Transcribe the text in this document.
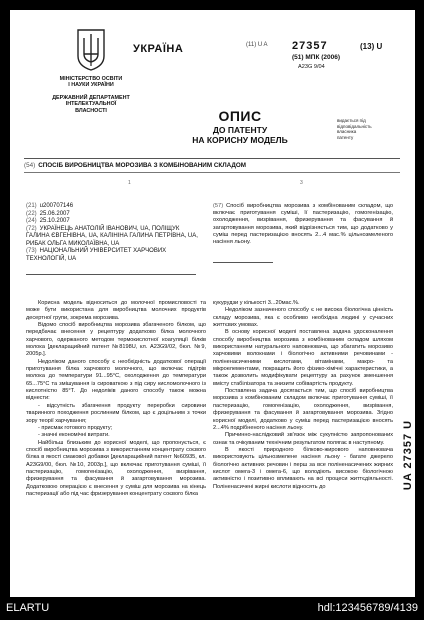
МІНІСТЕРСТВО ОСВІТИ
І НАУКИ УКРАЇНИ
ДЕРЖАВНИЙ ДЕПАРТАМЕНТ
ІНТЕЛЕКТУАЛЬНОЇ
ВЛАСНОСТІ
УКРАЇНА	(11) U A 27357	(13) U
(51) МПК (2006)
A23G 9/04
ОПИС
ДО ПАТЕНТУ
НА КОРИСНУ МОДЕЛЬ
видається під
відповідальність
власника
патенту
(54) СПОСІБ ВИРОБНИЦТВА МОРОЗИВА З КОМБІНОВАНИМ СКЛАДОМ
1	3
(21) u200707146
(22) 25.06.2007
(24) 25.10.2007
(72) УКРАЇНЕЦЬ АНАТОЛІЙ ІВАНОВИЧ, UA, ПОЛІЩУК ГАЛИНА ЄВГЕНІВНА, UA, КАЛІНІНА ГАЛИНА ПЕТРІВНА, UA, РИБАК ОЛЬГА МИКОЛАЇВНА, UA
(73) НАЦІОНАЛЬНИЙ УНІВЕРСИТЕТ ХАРЧОВИХ ТЕХНОЛОГІЙ, UA
(57) Спосіб виробництва морозива з комбінованим складом, що включає приготування суміші, її пастеризацію, гомогенізацію, охолодження, визрівання, фризерування та фасування й загартовування морозива, який відрізняється тим, що додатково у суміш перед пастеризацією вносять 2...4 мас.% цільнозмеленого насіння льону.

Корисна модель відноситься до молочної промисловості та може бути використана для виробництва молочних продуктів десертної групи, зокрема морозива.

Відомо спосіб виробництва морозива збагаченого білком, що передбачає внесення у рецептуру додатково білка молочного харчового, одержаного методом термокислотної коагуляції білків молока [декларацийний патент №8198U, кл. А23G9/02, бюл. №9, 2005р.].

Недоліком даного способу є необхідність додаткової операції приготування білка харчового молочного, що включає підігрів молока до температури 91...95°С, охолодження до температури 65...75°С та змішування із сироваткою з під сиру кисломолочного із кислотністю 85°Т. До недоліків даного способу також можна віднести:

- відсутність збагачення продукту переробки сировини тваринного походження рослинним білком, що є доцільним з точки зору теорії харчування;

- присмак готового продукту;

- значні економічні витрати.

Найбільш близьким до корисної моделі, що пропонується, є спосіб виробництва морозива з використанням концентрату соєвого білка в якості смакової добавки [декларацийний патент №60935, кл. А23G9/00, бюл. №10, 2003р.], що включає приготування суміші, її пастеризацію, гомогенізацію, охолодження, визрівання, фризерування та фасування й загартовування морозива. Додатковою операцією є внесення у суміш для морозива на кінець пастеризації або під час фризерування концентрату соєвого білка

кукурудзи у кількості 3...20мас.%.

Недоліком зазначеного способу є не висока біологічна цінність складу морозива, яка є особливо необхідна людині у сучасних життєвих умовах.

В основу корисної моделі поставлена задача удосконалення способу виробництва морозива з комбінованим складом шляхом використанням натурального наповнювача, що збагатить морозиво харчовими волокнами і біологічно активними речовинами - поліненасиченими кислотами, вітамінами, макро- та мікроелементами, покращить його фізико-хімічні характеристики, а також дозволить модифікувати рецептуру за рахунок зменшення вмісту стабілізатора та знизити собівартість продукту.

Поставлена задача досягається тим, що спосіб виробництва морозива з комбінованим складом включає приготування суміші, її пастеризацію, гомогенізацію, охолодження, визрівання, фризерування та фасування й загартовування морозива. Згідно корисної моделі, додатково у суміш перед пастеризацією вносять 2...4% подрібненого насіння льону.

Причинно-наслідковий зв'язок між сукупністю запропонованих ознак та очікуваним технічним результатом полягає в наступному.

В якості природного білково-жирового наповнювача використовують цільнозмелене насіння льону - багате джерело біологічно активних речовин і перш за все поліненасичених жирних кислот омега-3 і омега-6, що володіють високою біологічною активністю і позитивно впливають на всі процеси життєдіяльності. Поліненасичені жирні кислоти відносять до	UA 27357 U
ELARTU	hdl:123456789/4139
